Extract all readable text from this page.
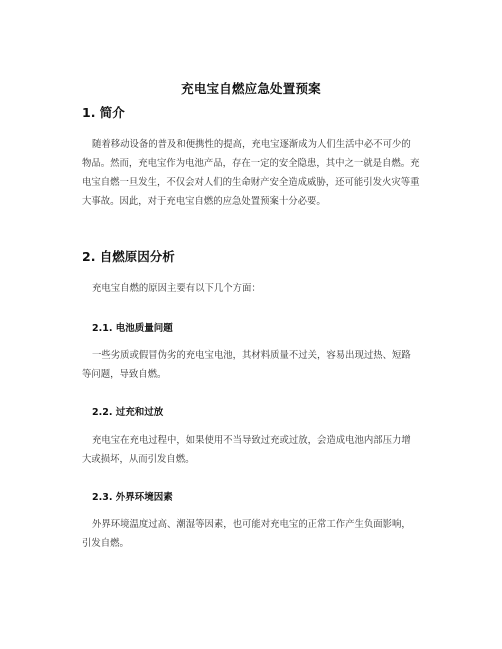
充电宝自燃应急处置预案
1. 简介
随着移动设备的普及和便携性的提高，充电宝逐渐成为人们生活中必不可少的
物品。然而，充电宝作为电池产品，存在一定的安全隐患，其中之一就是自燃。充
电宝自燃一旦发生，不仅会对人们的生命财产安全造成威胁，还可能引发火灾等重
大事故。因此，对于充电宝自燃的应急处置预案十分必要。
2. 自燃原因分析
充电宝自燃的原因主要有以下几个方面：
2.1. 电池质量问题
一些劣质或假冒伪劣的充电宝电池，其材料质量不过关，容易出现过热、短路
等问题，导致自燃。
2.2. 过充和过放
充电宝在充电过程中，如果使用不当导致过充或过放，会造成电池内部压力增
大或损坏，从而引发自燃。
2.3. 外界环境因素
外界环境温度过高、潮湿等因素，也可能对充电宝的正常工作产生负面影响，
引发自燃。
